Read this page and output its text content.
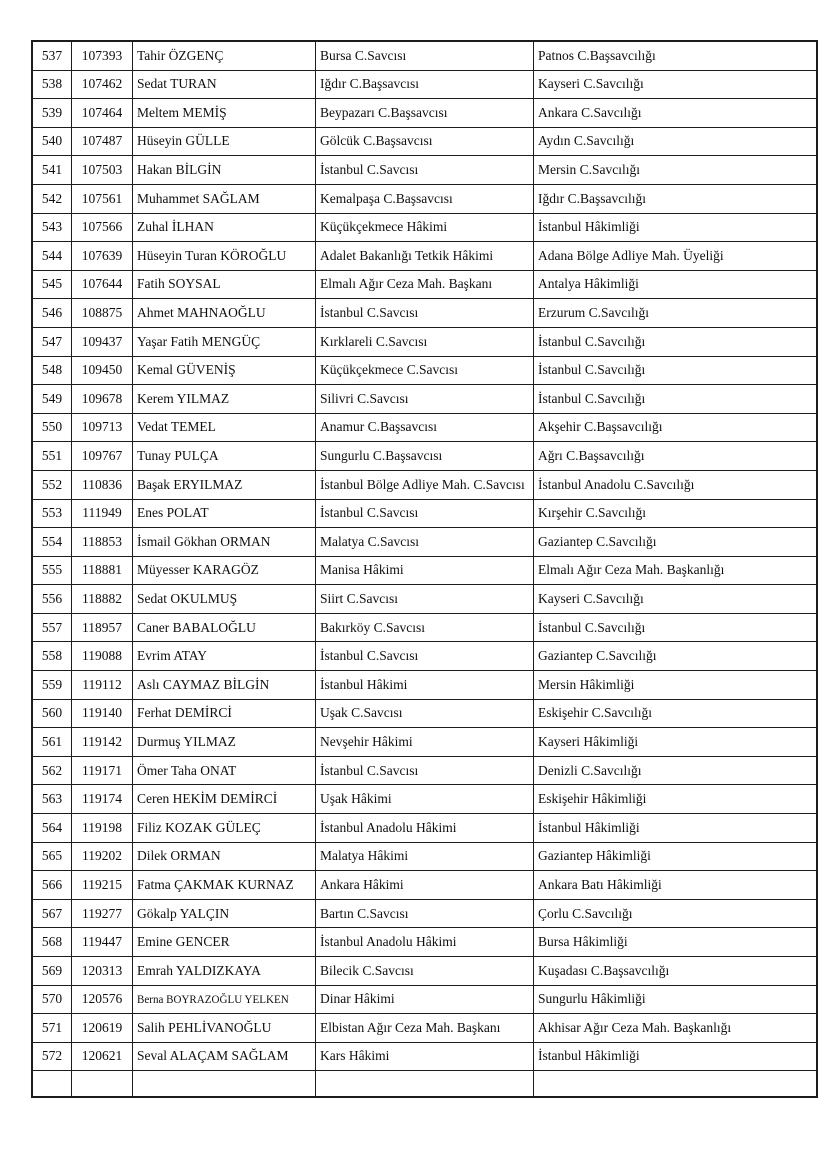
537	107393	Tahir ÖZGENÇ	Bursa C.Savcısı	Patnos C.Başsavcılığı
538	107462	Sedat TURAN	Iğdır C.Başsavcısı	Kayseri C.Savcılığı
539	107464	Meltem MEMİŞ	Beypazarı C.Başsavcısı	Ankara C.Savcılığı
540	107487	Hüseyin GÜLLE	Gölcük C.Başsavcısı	Aydın C.Savcılığı
541	107503	Hakan BİLGİN	İstanbul C.Savcısı	Mersin C.Savcılığı
542	107561	Muhammet SAĞLAM	Kemalpaşa C.Başsavcısı	Iğdır C.Başsavcılığı
543	107566	Zuhal İLHAN	Küçükçekmece Hâkimi	İstanbul Hâkimliği
544	107639	Hüseyin Turan KÖROĞLU	Adalet Bakanlığı Tetkik Hâkimi	Adana Bölge Adliye Mah. Üyeliği
545	107644	Fatih SOYSAL	Elmalı Ağır Ceza Mah. Başkanı	Antalya Hâkimliği
546	108875	Ahmet MAHNAOĞLU	İstanbul C.Savcısı	Erzurum C.Savcılığı
547	109437	Yaşar Fatih MENGÜÇ	Kırklareli C.Savcısı	İstanbul C.Savcılığı
548	109450	Kemal GÜVENİŞ	Küçükçekmece C.Savcısı	İstanbul C.Savcılığı
549	109678	Kerem YILMAZ	Silivri C.Savcısı	İstanbul C.Savcılığı
550	109713	Vedat TEMEL	Anamur C.Başsavcısı	Akşehir C.Başsavcılığı
551	109767	Tunay PULÇA	Sungurlu C.Başsavcısı	Ağrı C.Başsavcılığı
552	110836	Başak ERYILMAZ	İstanbul Bölge Adliye Mah. C.Savcısı	İstanbul Anadolu C.Savcılığı
553	111949	Enes POLAT	İstanbul C.Savcısı	Kırşehir C.Savcılığı
554	118853	İsmail Gökhan ORMAN	Malatya C.Savcısı	Gaziantep C.Savcılığı
555	118881	Müyesser KARAGÖZ	Manisa Hâkimi	Elmalı Ağır Ceza Mah. Başkanlığı
556	118882	Sedat OKULMUŞ	Siirt C.Savcısı	Kayseri C.Savcılığı
557	118957	Caner BABALOĞLU	Bakırköy C.Savcısı	İstanbul C.Savcılığı
558	119088	Evrim ATAY	İstanbul C.Savcısı	Gaziantep C.Savcılığı
559	119112	Aslı CAYMAZ BİLGİN	İstanbul Hâkimi	Mersin Hâkimliği
560	119140	Ferhat DEMİRCİ	Uşak C.Savcısı	Eskişehir C.Savcılığı
561	119142	Durmuş YILMAZ	Nevşehir Hâkimi	Kayseri Hâkimliği
562	119171	Ömer Taha ONAT	İstanbul C.Savcısı	Denizli C.Savcılığı
563	119174	Ceren HEKİM DEMİRCİ	Uşak Hâkimi	Eskişehir Hâkimliği
564	119198	Filiz KOZAK GÜLEÇ	İstanbul Anadolu Hâkimi	İstanbul Hâkimliği
565	119202	Dilek ORMAN	Malatya Hâkimi	Gaziantep Hâkimliği
566	119215	Fatma ÇAKMAK KURNAZ	Ankara Hâkimi	Ankara Batı Hâkimliği
567	119277	Gökalp YALÇIN	Bartın C.Savcısı	Çorlu C.Savcılığı
568	119447	Emine GENCER	İstanbul Anadolu Hâkimi	Bursa Hâkimliği
569	120313	Emrah YALDIZKAYA	Bilecik C.Savcısı	Kuşadası C.Başsavcılığı
570	120576	Berna BOYRAZOĞLU YELKEN	Dinar Hâkimi	Sungurlu Hâkimliği
571	120619	Salih PEHLİVANOĞLU	Elbistan Ağır Ceza Mah. Başkanı	Akhisar Ağır Ceza Mah. Başkanlığı
572	120621	Seval ALAÇAM SAĞLAM	Kars Hâkimi	İstanbul Hâkimliği
